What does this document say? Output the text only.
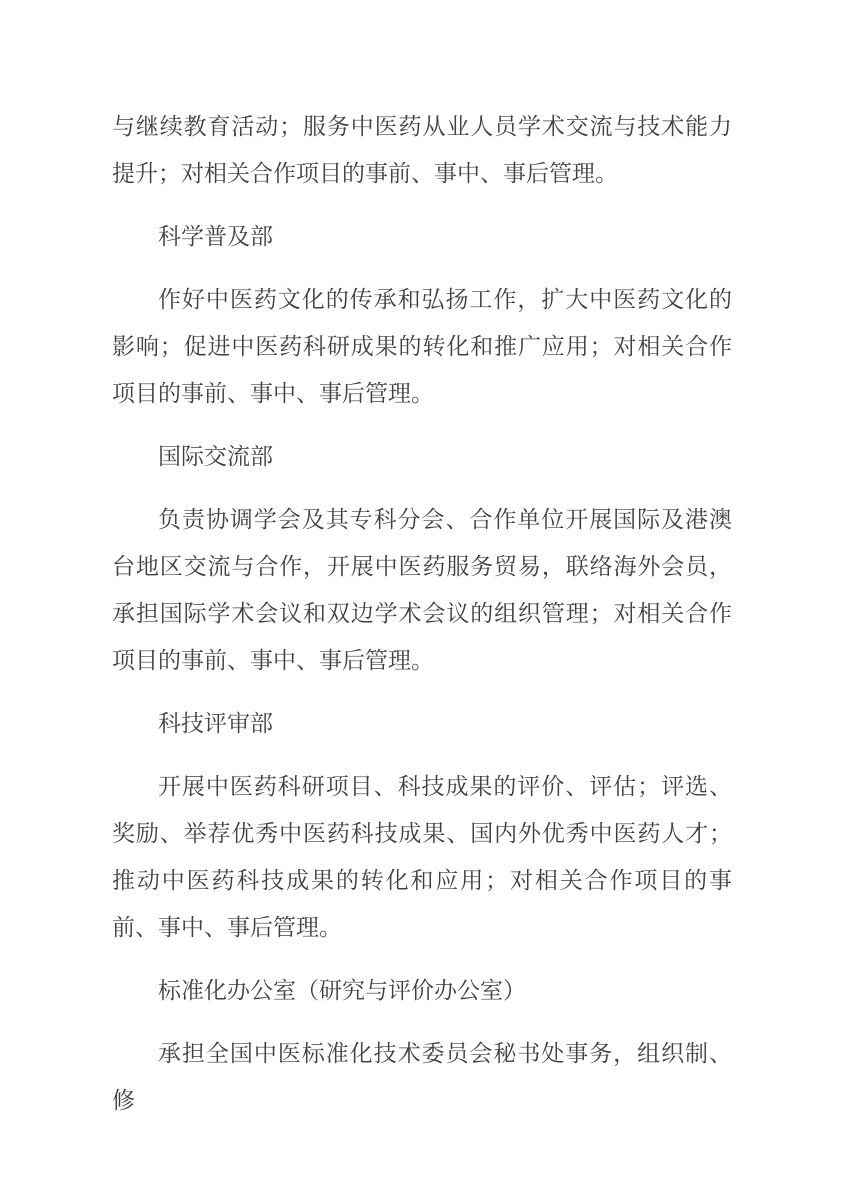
与继续教育活动；服务中医药从业人员学术交流与技术能力提升；对相关合作项目的事前、事中、事后管理。

科学普及部

作好中医药文化的传承和弘扬工作，扩大中医药文化的影响；促进中医药科研成果的转化和推广应用；对相关合作项目的事前、事中、事后管理。

国际交流部

负责协调学会及其专科分会、合作单位开展国际及港澳台地区交流与合作，开展中医药服务贸易，联络海外会员，承担国际学术会议和双边学术会议的组织管理；对相关合作项目的事前、事中、事后管理。

科技评审部

开展中医药科研项目、科技成果的评价、评估；评选、奖励、举荐优秀中医药科技成果、国内外优秀中医药人才；推动中医药科技成果的转化和应用；对相关合作项目的事前、事中、事后管理。

标准化办公室（研究与评价办公室）

承担全国中医标准化技术委员会秘书处事务，组织制、修
